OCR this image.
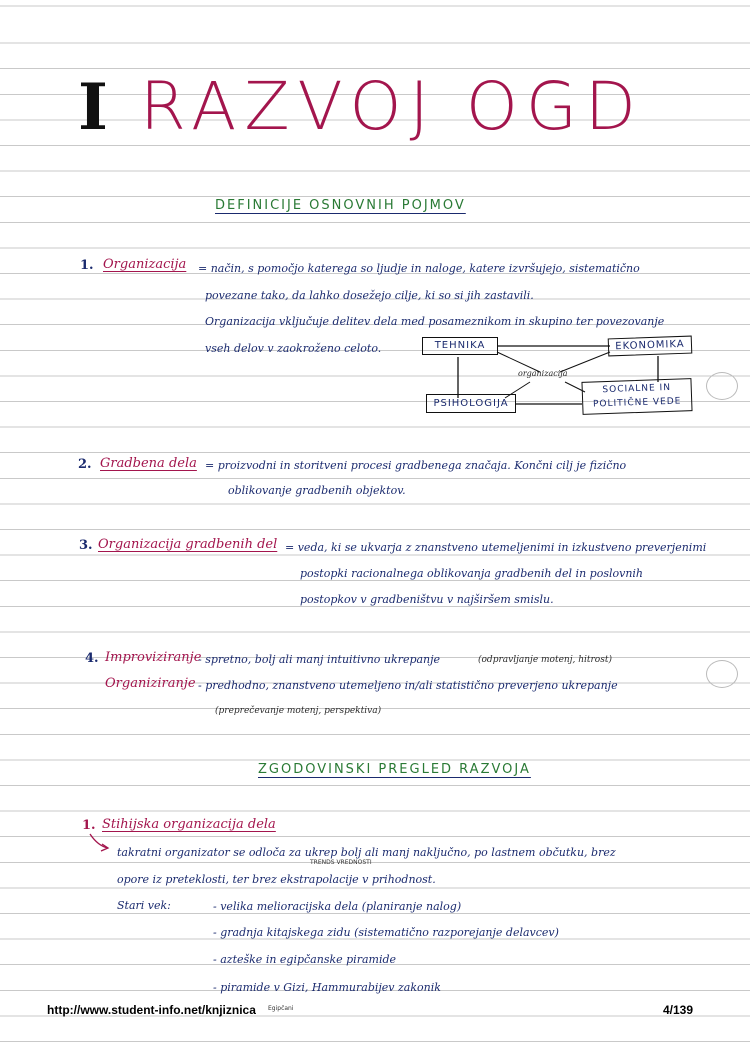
I RAZVOJ OGD
DEFINICIJE OSNOVNIH POJMOV
1. Organizacija = način, s pomočjo katerega so ljudje in naloge, katere izvršujejo, sistematično
povezane tako, da lahko dosežejo cilje, ki so si jih zastavili.
Organizacija vključuje delitev dela med posameznikom in skupino ter povezovanje
vseh delov v zaokroženo celoto.	TEHNIKA	EKONOMIKA
PSIHOLOGIJA
SOCIALNE IN POLITIČNE VEDE
organizacija
2. Gradbena dela = proizvodni in storitveni procesi gradbenega značaja. Končni cilj je fizično
oblikovanje gradbenih objektov.
3. Organizacija gradbenih del = veda, ki se ukvarja z znanstveno utemeljenimi in izkustveno preverjenimi
postopki racionalnega oblikovanja gradbenih del in poslovnih
postopkov v gradbeništvu v najširšem smislu.
4. Improviziranje
- spretno, bolj ali manj intuitivno ukrepanje	(odpravljanje motenj, hitrost)
Organiziranje - predhodno, znanstveno utemeljeno in/ali statistično preverjeno ukrepanje
(preprečevanje motenj, perspektiva)
ZGODOVINSKI PREGLED RAZVOJA
1. Stihijska organizacija dela
takratni organizator se odloča za ukrep bolj ali manj naključno, po lastnem občutku, brez
TRENDS VREDNOSTI
opore iz preteklosti, ter brez ekstrapolacije v prihodnost.
Stari vek:	- velika melioracijska dela (planiranje nalog)
- gradnja kitajskega zidu (sistematično razporejanje delavcev)
- azteške in egipčanske piramide
- piramide v Gizi, Hammurabijev zakonik
Egipčani
http://www.student-info.net/knjiznica	4/139
